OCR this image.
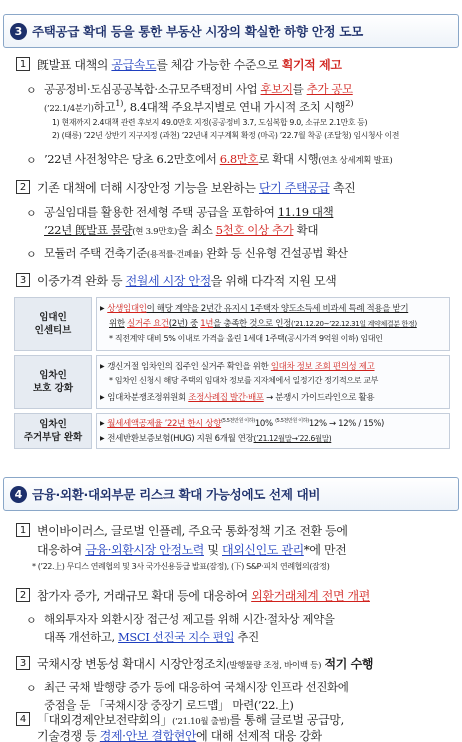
3 주택공급 확대 등을 통한 부동산 시장의 확실한 하향 안정 도모
1 旣발표 대책의 공급속도를 체감 가능한 수준으로 획기적 제고
ㅇ 공공정비·도심공공복합·소규모주택정비 사업 후보지를 추가 공모
(’22.1/4분기)하고$^{1)}$, 8.4대책 주요부지별로 연내 가시적 조치 시행$^{2)}$
1) 현재까지 2.4대책 관련 후보지 49.0만호 지정(공공정비 3.7, 도심복합 9.0, 소규모 2.1만호 등)
2) (태릉) ’22년 상반기 지구지정 (과천) ’22년내 지구계획 확정 (마곡) ’22.7월 착공 (조달청) 임시청사 이전
ㅇ ’22년 사전청약은 당초 6.2만호에서 6.8만호로 확대 시행(연초 상세계획 발표)
2 기존 대책에 더해 시장안정 기능을 보완하는 단기 주택공급 촉진
ㅇ 공실임대를 활용한 전세형 주택 공급을 포함하여 11.19 대책
’22년 旣발표 물량(현 3.9만호)을 최소 5천호 이상 추가 확대
ㅇ 모듈러 주택 건축기준(용적률·건폐율) 완화 등 신유형 건설공법 확산
3 이중가격 완화 등 전월세 시장 안정을 위해 다각적 지원 모색
임대인
인센티브
▶ 상생임대인이 해당 계약을 2년간 유지시 1주택자 양도소득세 비과세 특례 적용을 받기
위한 실거주 요건(2년) 중 1년을 충족한 것으로 인정(’21.12.20~’22.12.31일 계약체결분 한정)
* 직전계약 대비 5% 이내로 가격을 올린 1세대 1주택(공시가격 9억원 이하) 임대인
임차인
보호 강화
▶ 갱신거절 임차인의 집주인 실거주 확인을 위한 임대차 정보 조회 편의성 제고
* 임차인 신청시 해당 주택의 임대차 정보를 지자체에서 일정기간 정기적으로 교부
▶ 임대차분쟁조정위원회 조정사례집 발간·배포 → 분쟁시 가이드라인으로 활용
임차인
주거부담 완화
▶ 월세세액공제율 ’22년 한시 상향$^{(5.5천만원 이하)}$10% $^{(5.5천만원 이하)}$12% → 12% / 15%)
▶ 전세반환보증보험(HUG) 지원 6개월 연장(’21.12월말→’22.6월말)
4 금융·외환·대외부문 리스크 확대 가능성에도 선제 대비
1 변이바이러스, 글로벌 인플레, 주요국 통화정책 기조 전환 등에
대응하여 금융·외환시장 안정노력 및 대외신인도 관리*에 만전
* (’22.上) 무디스 연례협의 및 3사 국가신용등급 발표(잠정), (下) S&P·피치 연례협의(잠정)
2 참가자 증가, 거래규모 확대 등에 대응하여 외환거래체계 전면 개편
ㅇ 해외투자자 외환시장 접근성 제고를 위해 시간·절차상 제약을
대폭 개선하고, MSCI 선진국 지수 편입 추진
3 국채시장 변동성 확대시 시장안정조치(발행물량 조정, 바이백 등) 적기 수행
ㅇ 최근 국채 발행량 증가 등에 대응하여 국채시장 인프라 선진화에
중점을 둔 「국채시장 중장기 로드맵」 마련(’22.上)
4 「대외경제안보전략회의」(’21.10월 출범)를 통해 글로벌 공급망,
기술경쟁 등 경제·안보 결합현안에 대해 선제적 대응 강화
